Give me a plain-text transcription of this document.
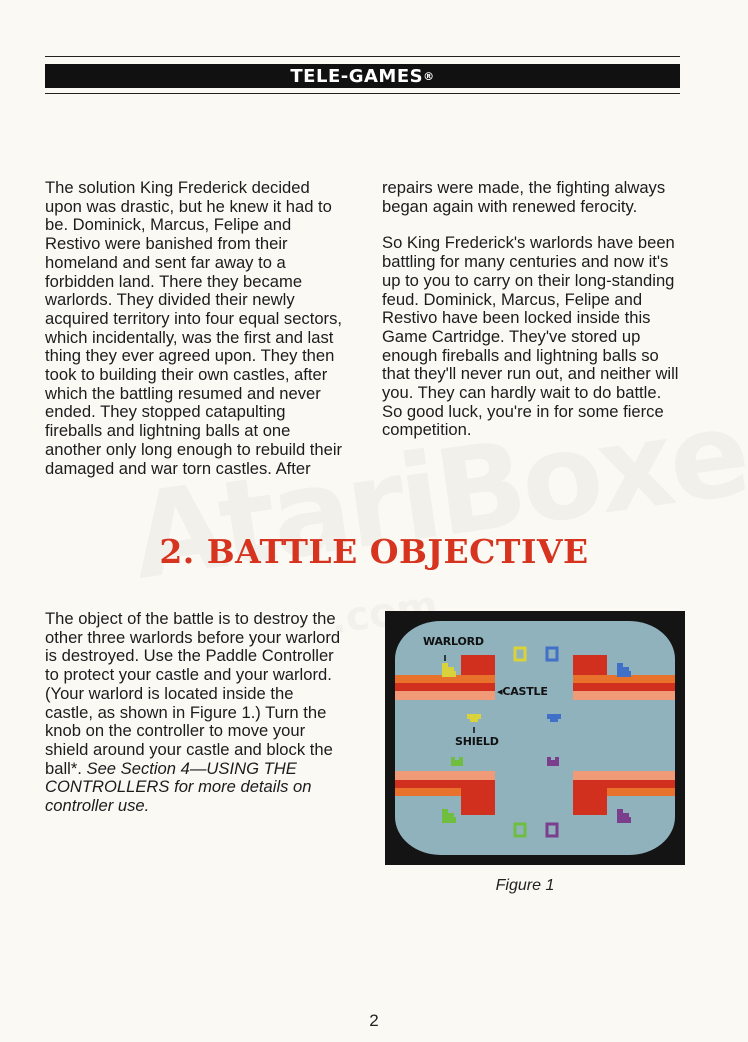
TELE-GAMES ®

The solution King Frederick decided upon was drastic, but he knew it had to be. Dominick, Marcus, Felipe and Restivo were banished from their homeland and sent far away to a forbidden land. There they became warlords. They divided their newly acquired territory into four equal sectors, which incidentally, was the first and last thing they ever agreed upon. They then took to building their own castles, after which the battling resumed and never ended. They stopped catapulting fireballs and lightning balls at one another only long enough to rebuild their damaged and war torn castles. After

repairs were made, the fighting always began again with renewed ferocity.

So King Frederick's warlords have been battling for many centuries and now it's up to you to carry on their long-standing feud. Dominick, Marcus, Felipe and Restivo have been locked inside this Game Cartridge. They've stored up enough fireballs and lightning balls so that they'll never run out, and neither will you. They can hardly wait to do battle. So good luck, you're in for some fierce competition.

2. BATTLE OBJECTIVE
The object of the battle is to destroy the other three warlords before your warlord is destroyed. Use the Paddle Controller to protect your castle and your warlord. (Your warlord is located inside the castle, as shown in Figure 1.) Turn the knob on the controller to move your shield around your castle and block the ball*. See Section 4—USING THE CONTROLLERS for more details on controller use.
WARLORD
◂CASTLE
SHIELD
Figure 1
2
